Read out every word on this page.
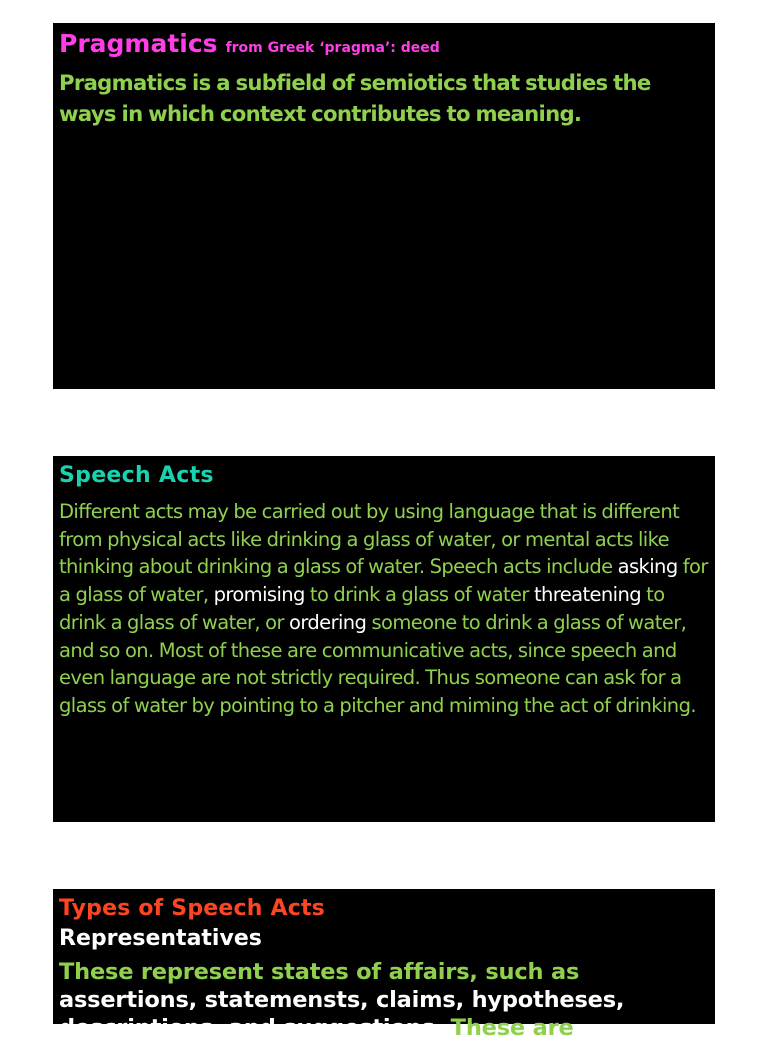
Pragmatics from Greek ‘pragma’: deed
Pragmatics is a subfield of semiotics that studies the ways in which context contributes to meaning.
Speech Acts
Different acts may be carried out by using language that is different from physical acts like drinking a glass of water, or mental acts like thinking about drinking a glass of water. Speech acts include asking for a glass of water, promising to drink a glass of water threatening to drink a glass of water, or ordering someone to drink a glass of water, and so on. Most of these are communicative acts, since speech and even language are not strictly required. Thus someone can ask for a glass of water by pointing to a pitcher and miming the act of drinking.
Types of Speech Acts
Representatives
These represent states of affairs, such as assertions, statemensts, claims, hypotheses, descriptions, and suggestions. These are
